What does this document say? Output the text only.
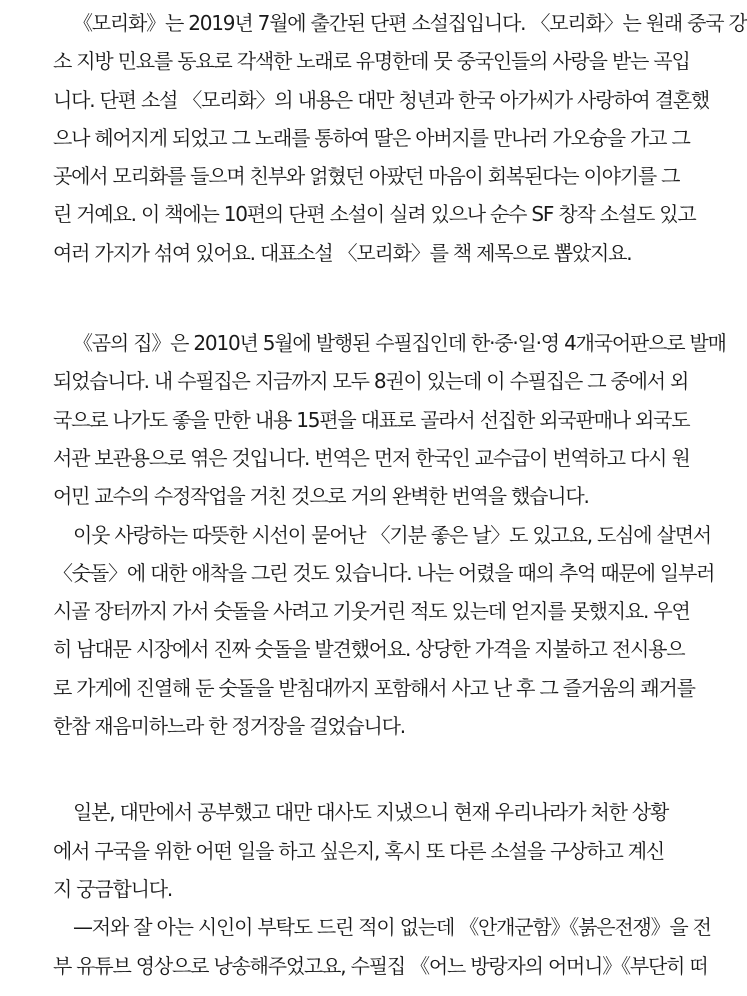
《모리화》는 2019년 7월에 출간된 단편 소설집입니다. 〈모리화〉는 원래 중국 강
소 지방 민요를 동요로 각색한 노래로 유명한데 뭇 중국인들의 사랑을 받는 곡입
니다. 단편 소설 〈모리화〉의 내용은 대만 청년과 한국 아가씨가 사랑하여 결혼했
으나 헤어지게 되었고 그 노래를 통하여 딸은 아버지를 만나러 가오슝을 가고 그
곳에서 모리화를 들으며 친부와 얽혔던 아팠던 마음이 회복된다는 이야기를 그
린 거예요. 이 책에는 10편의 단편 소설이 실려 있으나 순수 SF 창작 소설도 있고
여러 가지가 섞여 있어요. 대표소설 〈모리화〉를 책 제목으로 뽑았지요.
《곰의 집》은 2010년 5월에 발행된 수필집인데 한·중·일·영 4개국어판으로 발매
되었습니다. 내 수필집은 지금까지 모두 8권이 있는데 이 수필집은 그 중에서 외
국으로 나가도 좋을 만한 내용 15편을 대표로 골라서 선집한 외국판매나 외국도
서관 보관용으로 엮은 것입니다. 번역은 먼저 한국인 교수급이 번역하고 다시 원
어민 교수의 수정작업을 거친 것으로 거의 완벽한 번역을 했습니다.
이웃 사랑하는 따뜻한 시선이 묻어난 〈기분 좋은 날〉도 있고요, 도심에 살면서
〈숫돌〉에 대한 애착을 그린 것도 있습니다. 나는 어렸을 때의 추억 때문에 일부러
시골 장터까지 가서 숫돌을 사려고 기웃거린 적도 있는데 얻지를 못했지요. 우연
히 남대문 시장에서 진짜 숫돌을 발견했어요. 상당한 가격을 지불하고 전시용으
로 가게에 진열해 둔 숫돌을 받침대까지 포함해서 사고 난 후 그 즐거움의 쾌거를
한참 재음미하느라 한 정거장을 걸었습니다.
일본, 대만에서 공부했고 대만 대사도 지냈으니 현재 우리나라가 처한 상황
에서 구국을 위한 어떤 일을 하고 싶은지, 혹시 또 다른 소설을 구상하고 계신
지 궁금합니다.
—저와 잘 아는 시인이 부탁도 드린 적이 없는데 《안개군함》《붉은전쟁》을 전
부 유튜브 영상으로 낭송해주었고요, 수필집 《어느 방랑자의 어머니》《부단히 떠
